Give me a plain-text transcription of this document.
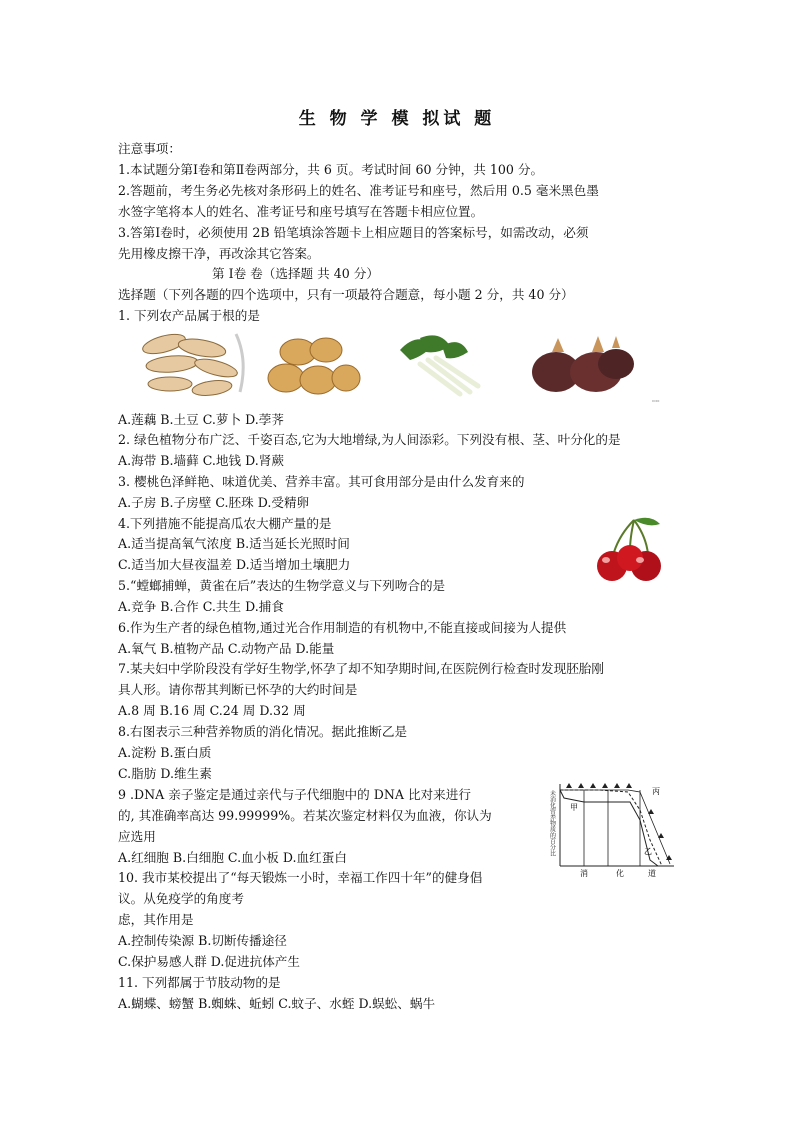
生 物 学 模 拟试 题
注意事项：
1.本试题分第Ⅰ卷和第Ⅱ卷两部分，共 6 页。考试时间 60 分钟，共 100 分。
2.答题前，考生务必先核对条形码上的姓名、准考证号和座号，然后用 0.5 毫米黑色墨
水签字笔将本人的姓名、准考证号和座号填写在答题卡相应位置。
3.答第Ⅰ卷时，必须使用 2B 铅笔填涂答题卡上相应题目的答案标号，如需改动，必须
先用橡皮擦干净，再改涂其它答案。
第 Ⅰ卷 卷（选择题 共 40 分）
选择题（下列各题的四个选项中，只有一项最符合题意，每小题 2 分，共 40 分）
1. 下列农产品属于根的是
▭▭
A.莲藕 B.土豆 C.萝卜 D.荸荠
2. 绿色植物分布广泛、千姿百态,它为大地增绿,为人间添彩。下列没有根、茎、叶分化的是
A.海带 B.墙藓 C.地钱 D.肾蕨
3. 樱桃色泽鲜艳、味道优美、营养丰富。其可食用部分是由什么发育来的
A.子房 B.子房壁 C.胚珠 D.受精卵
4.下列措施不能提高瓜农大棚产量的是
A.适当提高氧气浓度 B.适当延长光照时间
C.适当加大昼夜温差 D.适当增加土壤肥力
5.“螳螂捕蝉，黄雀在后”表达的生物学意义与下列吻合的是
A.竞争 B.合作 C.共生 D.捕食
6.作为生产者的绿色植物,通过光合作用制造的有机物中,不能直接或间接为人提供
A.氧气 B.植物产品 C.动物产品 D.能量
7.某夫妇中学阶段没有学好生物学,怀孕了却不知孕期时间,在医院例行检查时发现胚胎刚
具人形。请你帮其判断已怀孕的大约时间是
A.8 周 B.16 周 C.24 周 D.32 周
8.右图表示三种营养物质的消化情况。据此推断乙是
A.淀粉 B.蛋白质
C.脂肪 D.维生素
9 .DNA 亲子鉴定是通过亲代与子代细胞中的 DNA 比对来进行
的, 其准确率高达 99.99999%。若某次鉴定材料仅为血液，你认为
应选用
A.红细胞 B.白细胞 C.血小板 D.血红蛋白
10. 我市某校提出了“每天锻炼一小时，幸福工作四十年”的健身倡
议。从免疫学的角度考
虑，其作用是
A.控制传染源 B.切断传播途径
C.保护易感人群 D.促进抗体产生
11. 下列都属于节肢动物的是
A.蝴蝶、螃蟹 B.蜘蛛、蚯蚓 C.蚊子、水蛭 D.蜈蚣、蜗牛
未消化营养物质的百分比 甲
乙
丙
消	化	道
